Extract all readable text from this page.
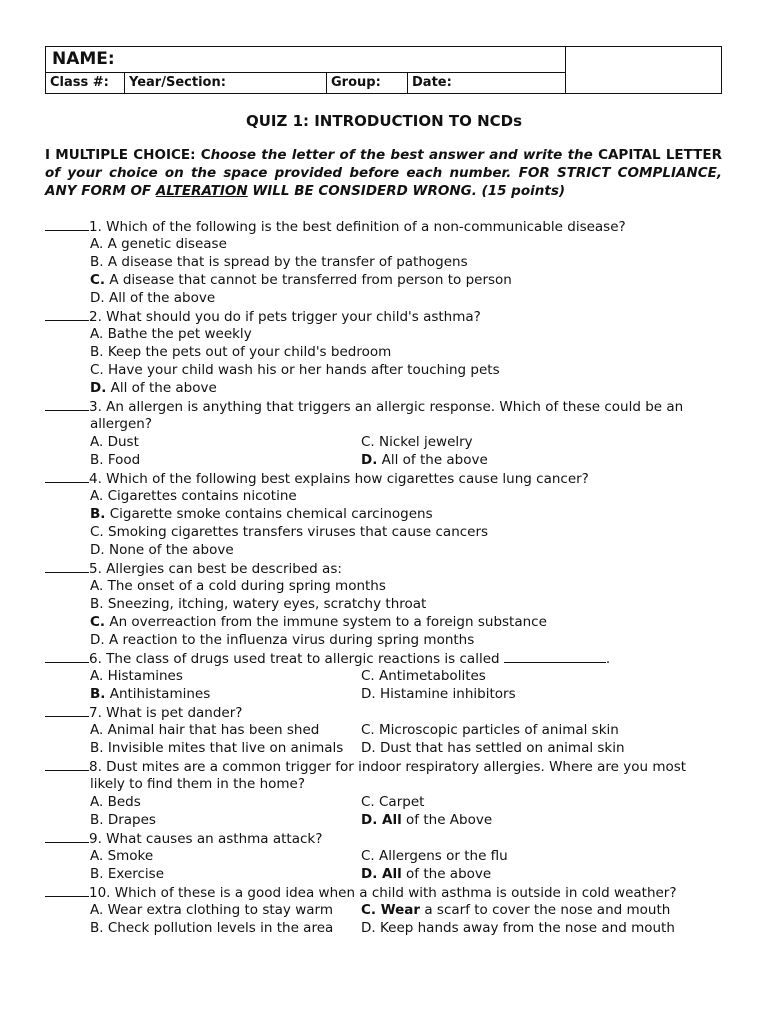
NAME:
Class #:	Year/Section:	Group:	Date:
QUIZ 1: INTRODUCTION TO NCDs
I MULTIPLE CHOICE: Choose the letter of the best answer and write the CAPITAL LETTER of your choice on the space provided before each number. FOR STRICT COMPLIANCE, ANY FORM OF ALTERATION WILL BE CONSIDERD WRONG. (15 points)
1. Which of the following is the best definition of a non-communicable disease?
A. A genetic disease
B. A disease that is spread by the transfer of pathogens
C. A disease that cannot be transferred from person to person
D. All of the above
2. What should you do if pets trigger your child's asthma?
A. Bathe the pet weekly
B. Keep the pets out of your child's bedroom
C. Have your child wash his or her hands after touching pets
D. All of the above
3. An allergen is anything that triggers an allergic response. Which of these could be an
allergen?
A. Dust	C. Nickel jewelry
B. Food	D. All of the above
4. Which of the following best explains how cigarettes cause lung cancer?
A. Cigarettes contains nicotine
B. Cigarette smoke contains chemical carcinogens
C. Smoking cigarettes transfers viruses that cause cancers
D. None of the above
5. Allergies can best be described as:
A. The onset of a cold during spring months
B. Sneezing, itching, watery eyes, scratchy throat
C. An overreaction from the immune system to a foreign substance
D. A reaction to the influenza virus during spring months
6. The class of drugs used treat to allergic reactions is called	.
A. Histamines	C. Antimetabolites
B. Antihistamines	D. Histamine inhibitors
7. What is pet dander?
A. Animal hair that has been shed	C. Microscopic particles of animal skin
B. Invisible mites that live on animals D. Dust that has settled on animal skin
8. Dust mites are a common trigger for indoor respiratory allergies. Where are you most
likely to find them in the home?
A. Beds	C. Carpet
B. Drapes	D. All of the Above
9. What causes an asthma attack?
A. Smoke	C. Allergens or the flu
B. Exercise	D. All of the above
10. Which of these is a good idea when a child with asthma is outside in cold weather?
A. Wear extra clothing to stay warm C. Wear a scarf to cover the nose and mouth
B. Check pollution levels in the area D. Keep hands away from the nose and mouth
